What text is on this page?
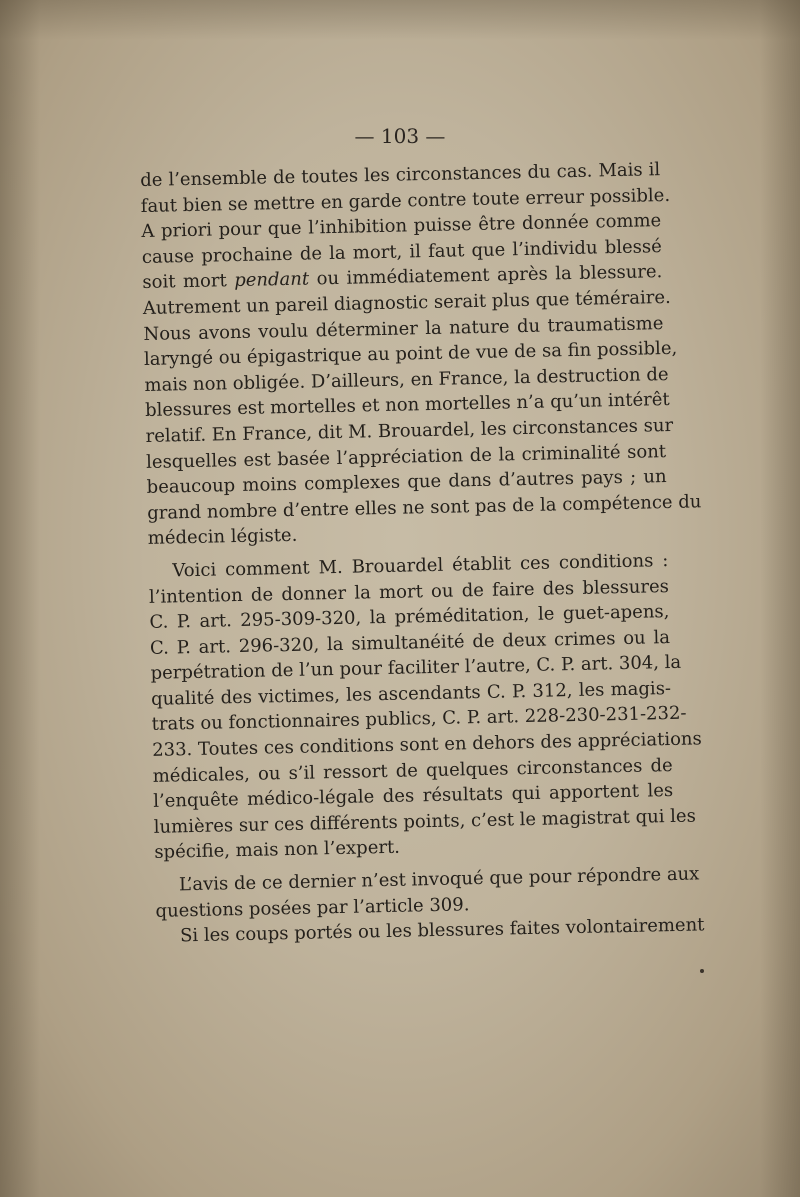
— 103 —

de l’ensemble de toutes les circonstances du cas. Mais il
faut bien se mettre en garde contre toute erreur possible.
A priori pour que l’inhibition puisse être donnée comme
cause prochaine de la mort, il faut que l’individu blessé
soit mort pendant ou immédiatement après la blessure.
Autrement un pareil diagnostic serait plus que téméraire.
Nous avons voulu déterminer la nature du traumatisme
laryngé ou épigastrique au point de vue de sa fin possible,
mais non obligée. D’ailleurs, en France, la destruction de
blessures est mortelles et non mortelles n’a qu’un intérêt
relatif. En France, dit M. Brouardel, les circonstances sur
lesquelles est basée l’appréciation de la criminalité sont
beaucoup moins complexes que dans d’autres pays ; un
grand nombre d’entre elles ne sont pas de la compétence du
médecin légiste.
Voici comment M. Brouardel établit ces conditions :
l’intention de donner la mort ou de faire des blessures
C. P. art. 295-309-320, la préméditation, le guet-apens,
C. P. art. 296-320, la simultanéité de deux crimes ou la
perpétration de l’un pour faciliter l’autre, C. P. art. 304, la
qualité des victimes, les ascendants C. P. 312, les magis-
trats ou fonctionnaires publics, C. P. art. 228-230-231-232-
233. Toutes ces conditions sont en dehors des appréciations
médicales, ou s’il ressort de quelques circonstances de
l’enquête médico-légale des résultats qui apportent les
lumières sur ces différents points, c’est le magistrat qui les
spécifie, mais non l’expert.
L’avis de ce dernier n’est invoqué que pour répondre aux
questions posées par l’article 309.
Si les coups portés ou les blessures faites volontairement
